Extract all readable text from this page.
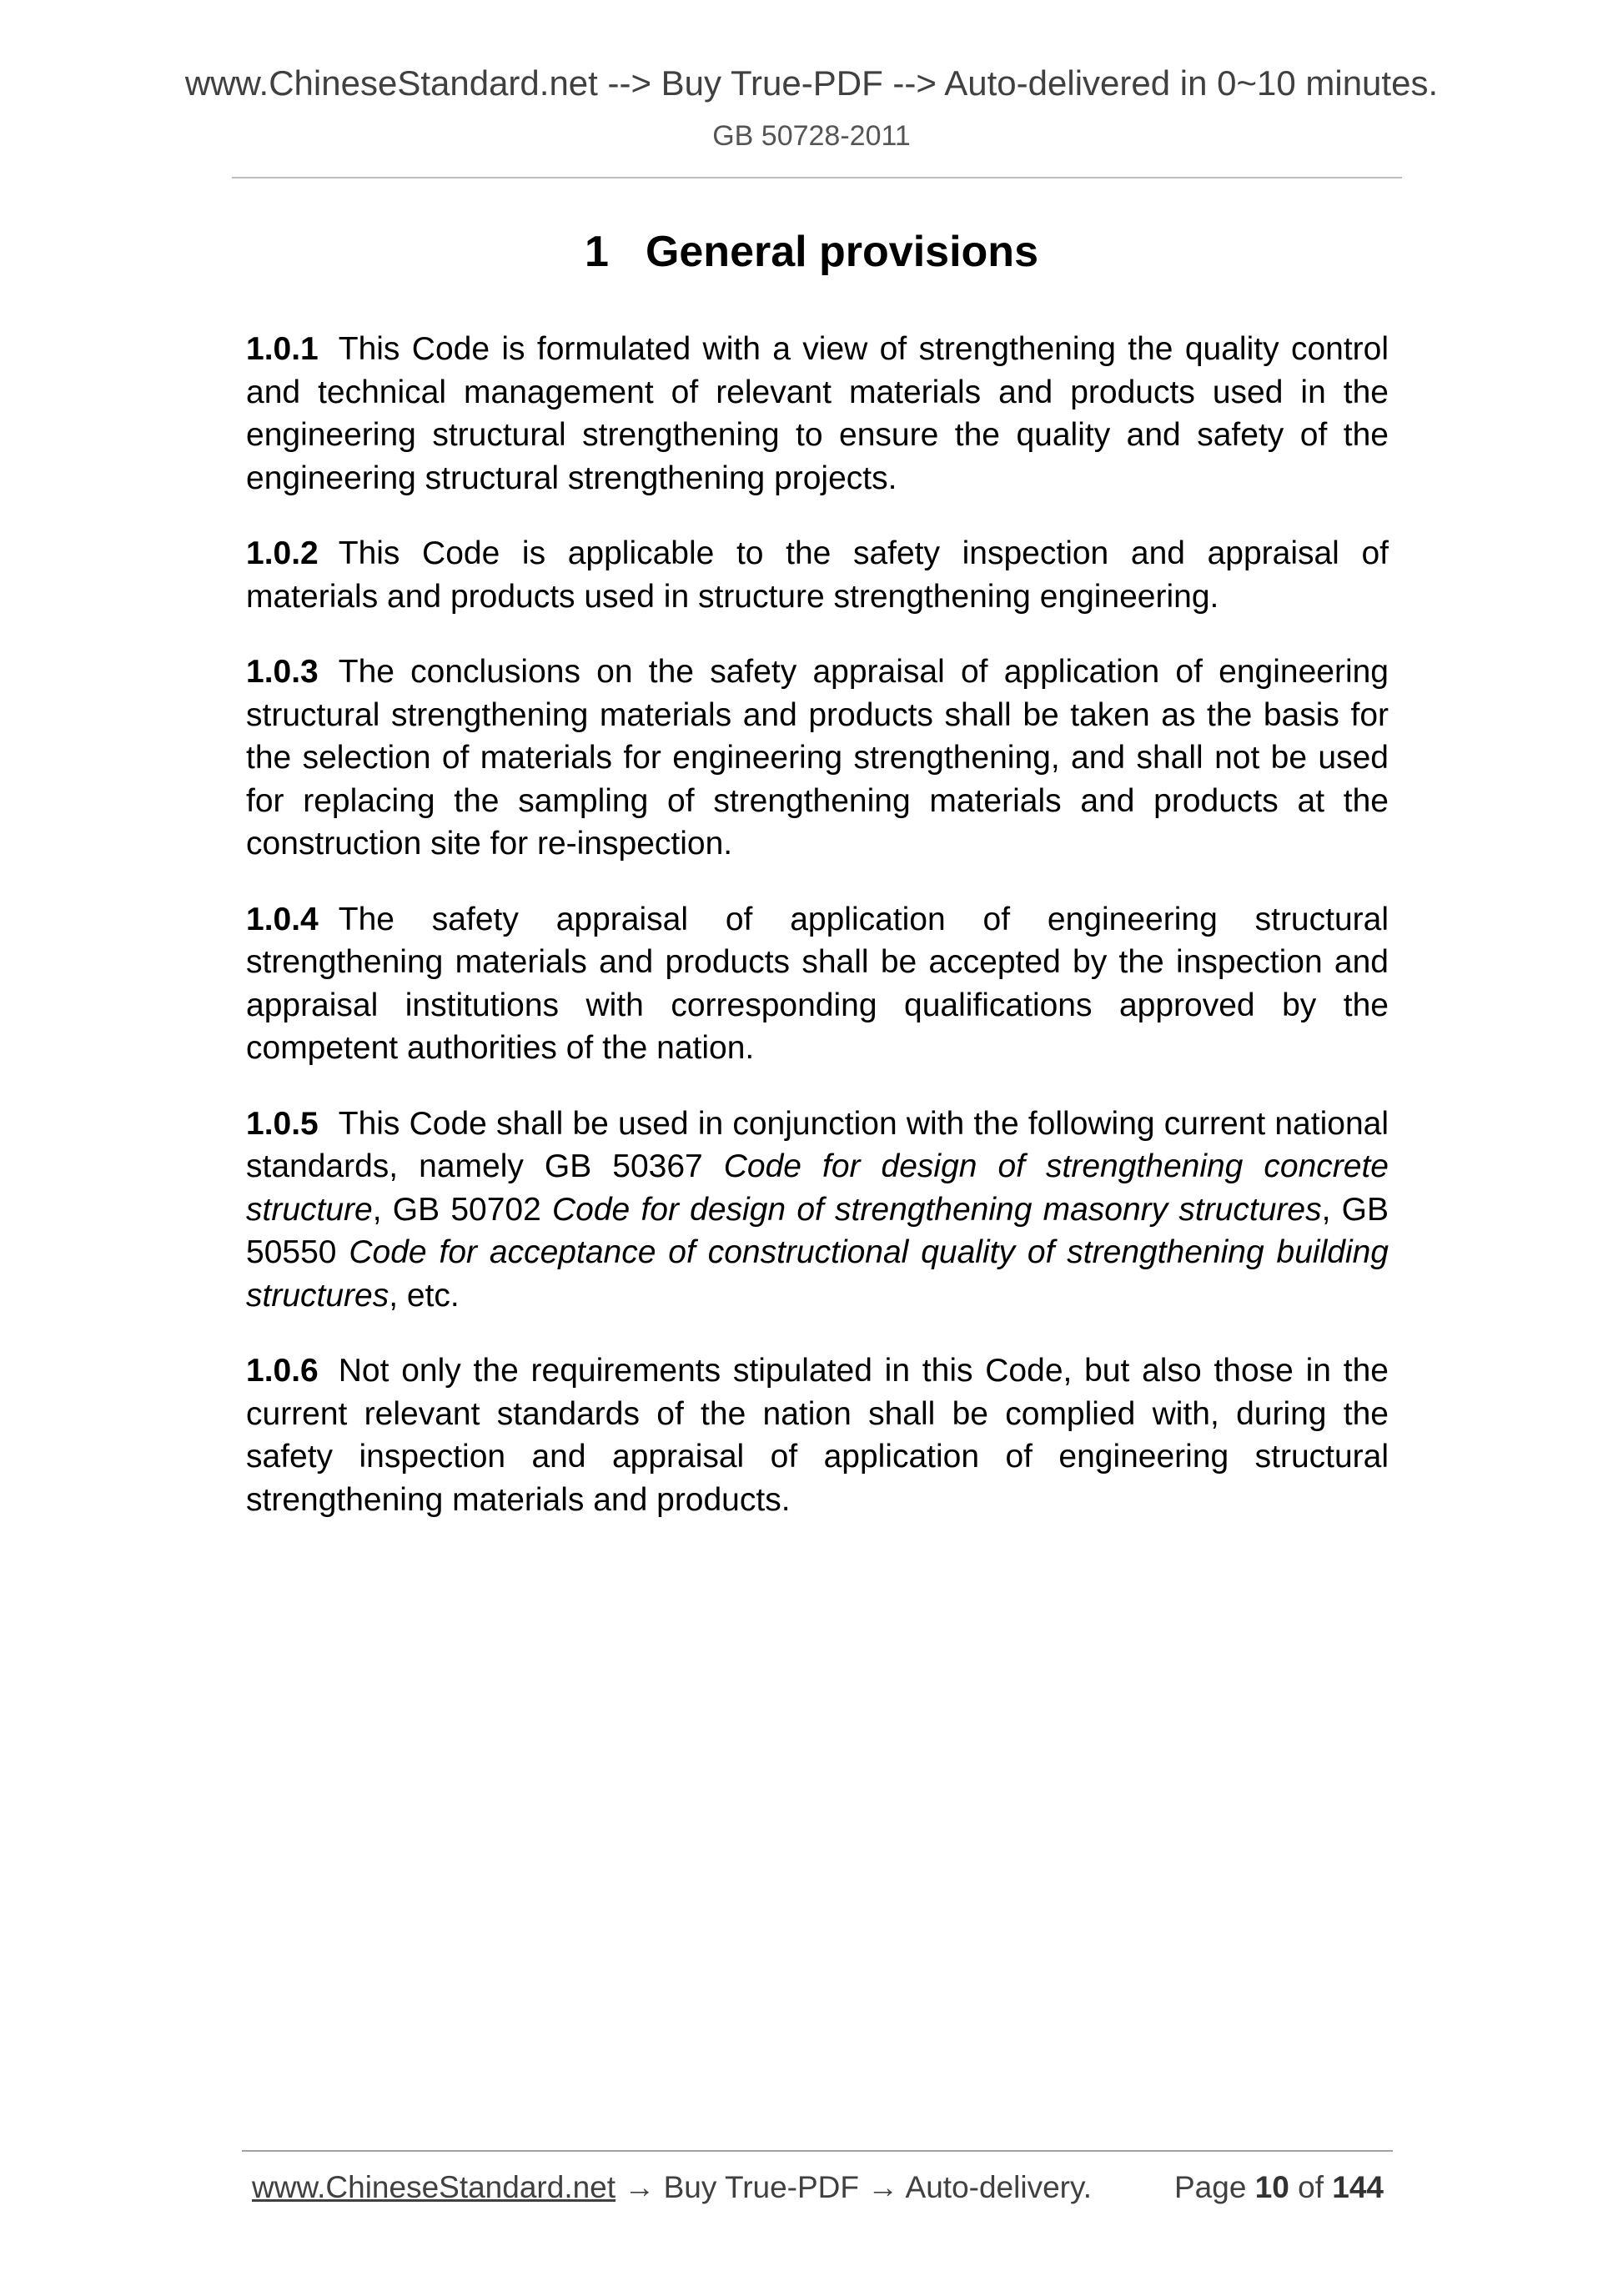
www.ChineseStandard.net --> Buy True-PDF --> Auto-delivered in 0~10 minutes.
GB 50728-2011
1 General provisions

1.0.1 This Code is formulated with a view of strengthening the quality control and technical management of relevant materials and products used in the engineering structural strengthening to ensure the quality and safety of the engineering structural strengthening projects.

1.0.2 This Code is applicable to the safety inspection and appraisal of materials and products used in structure strengthening engineering.

1.0.3 The conclusions on the safety appraisal of application of engineering structural strengthening materials and products shall be taken as the basis for the selection of materials for engineering strengthening, and shall not be used for replacing the sampling of strengthening materials and products at the construction site for re-inspection.

1.0.4 The safety appraisal of application of engineering structural strengthening materials and products shall be accepted by the inspection and appraisal institutions with corresponding qualifications approved by the competent authorities of the nation.

1.0.5 This Code shall be used in conjunction with the following current national standards, namely GB 50367 Code for design of strengthening concrete structure, GB 50702 Code for design of strengthening masonry structures, GB 50550 Code for acceptance of constructional quality of strengthening building structures, etc.

1.0.6 Not only the requirements stipulated in this Code, but also those in the current relevant standards of the nation shall be complied with, during the safety inspection and appraisal of application of engineering structural strengthening materials and products.

www.ChineseStandard.net → Buy True-PDF → Auto-delivery.	Page 10 of 144
